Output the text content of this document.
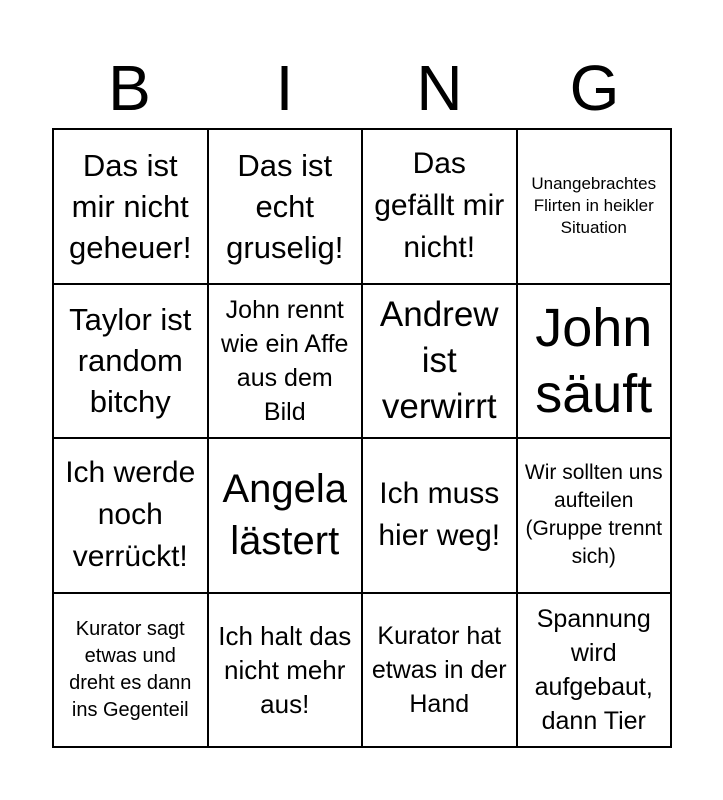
B	I	N	G
Das ist mir nicht geheuer!
Das ist echt gruselig!
Das gefällt mir nicht!
Unangebrachtes Flirten in heikler Situation
Taylor ist random bitchy
John rennt wie ein Affe aus dem Bild
Andrew ist verwirrt
John säuft
Ich werde noch verrückt!
Angela lästert
Ich muss hier weg!
Wir sollten uns aufteilen (Gruppe trennt sich)
Kurator sagt etwas und dreht es dann ins Gegenteil
Ich halt das nicht mehr aus!
Kurator hat etwas in der Hand
Spannung wird aufgebaut, dann Tier
